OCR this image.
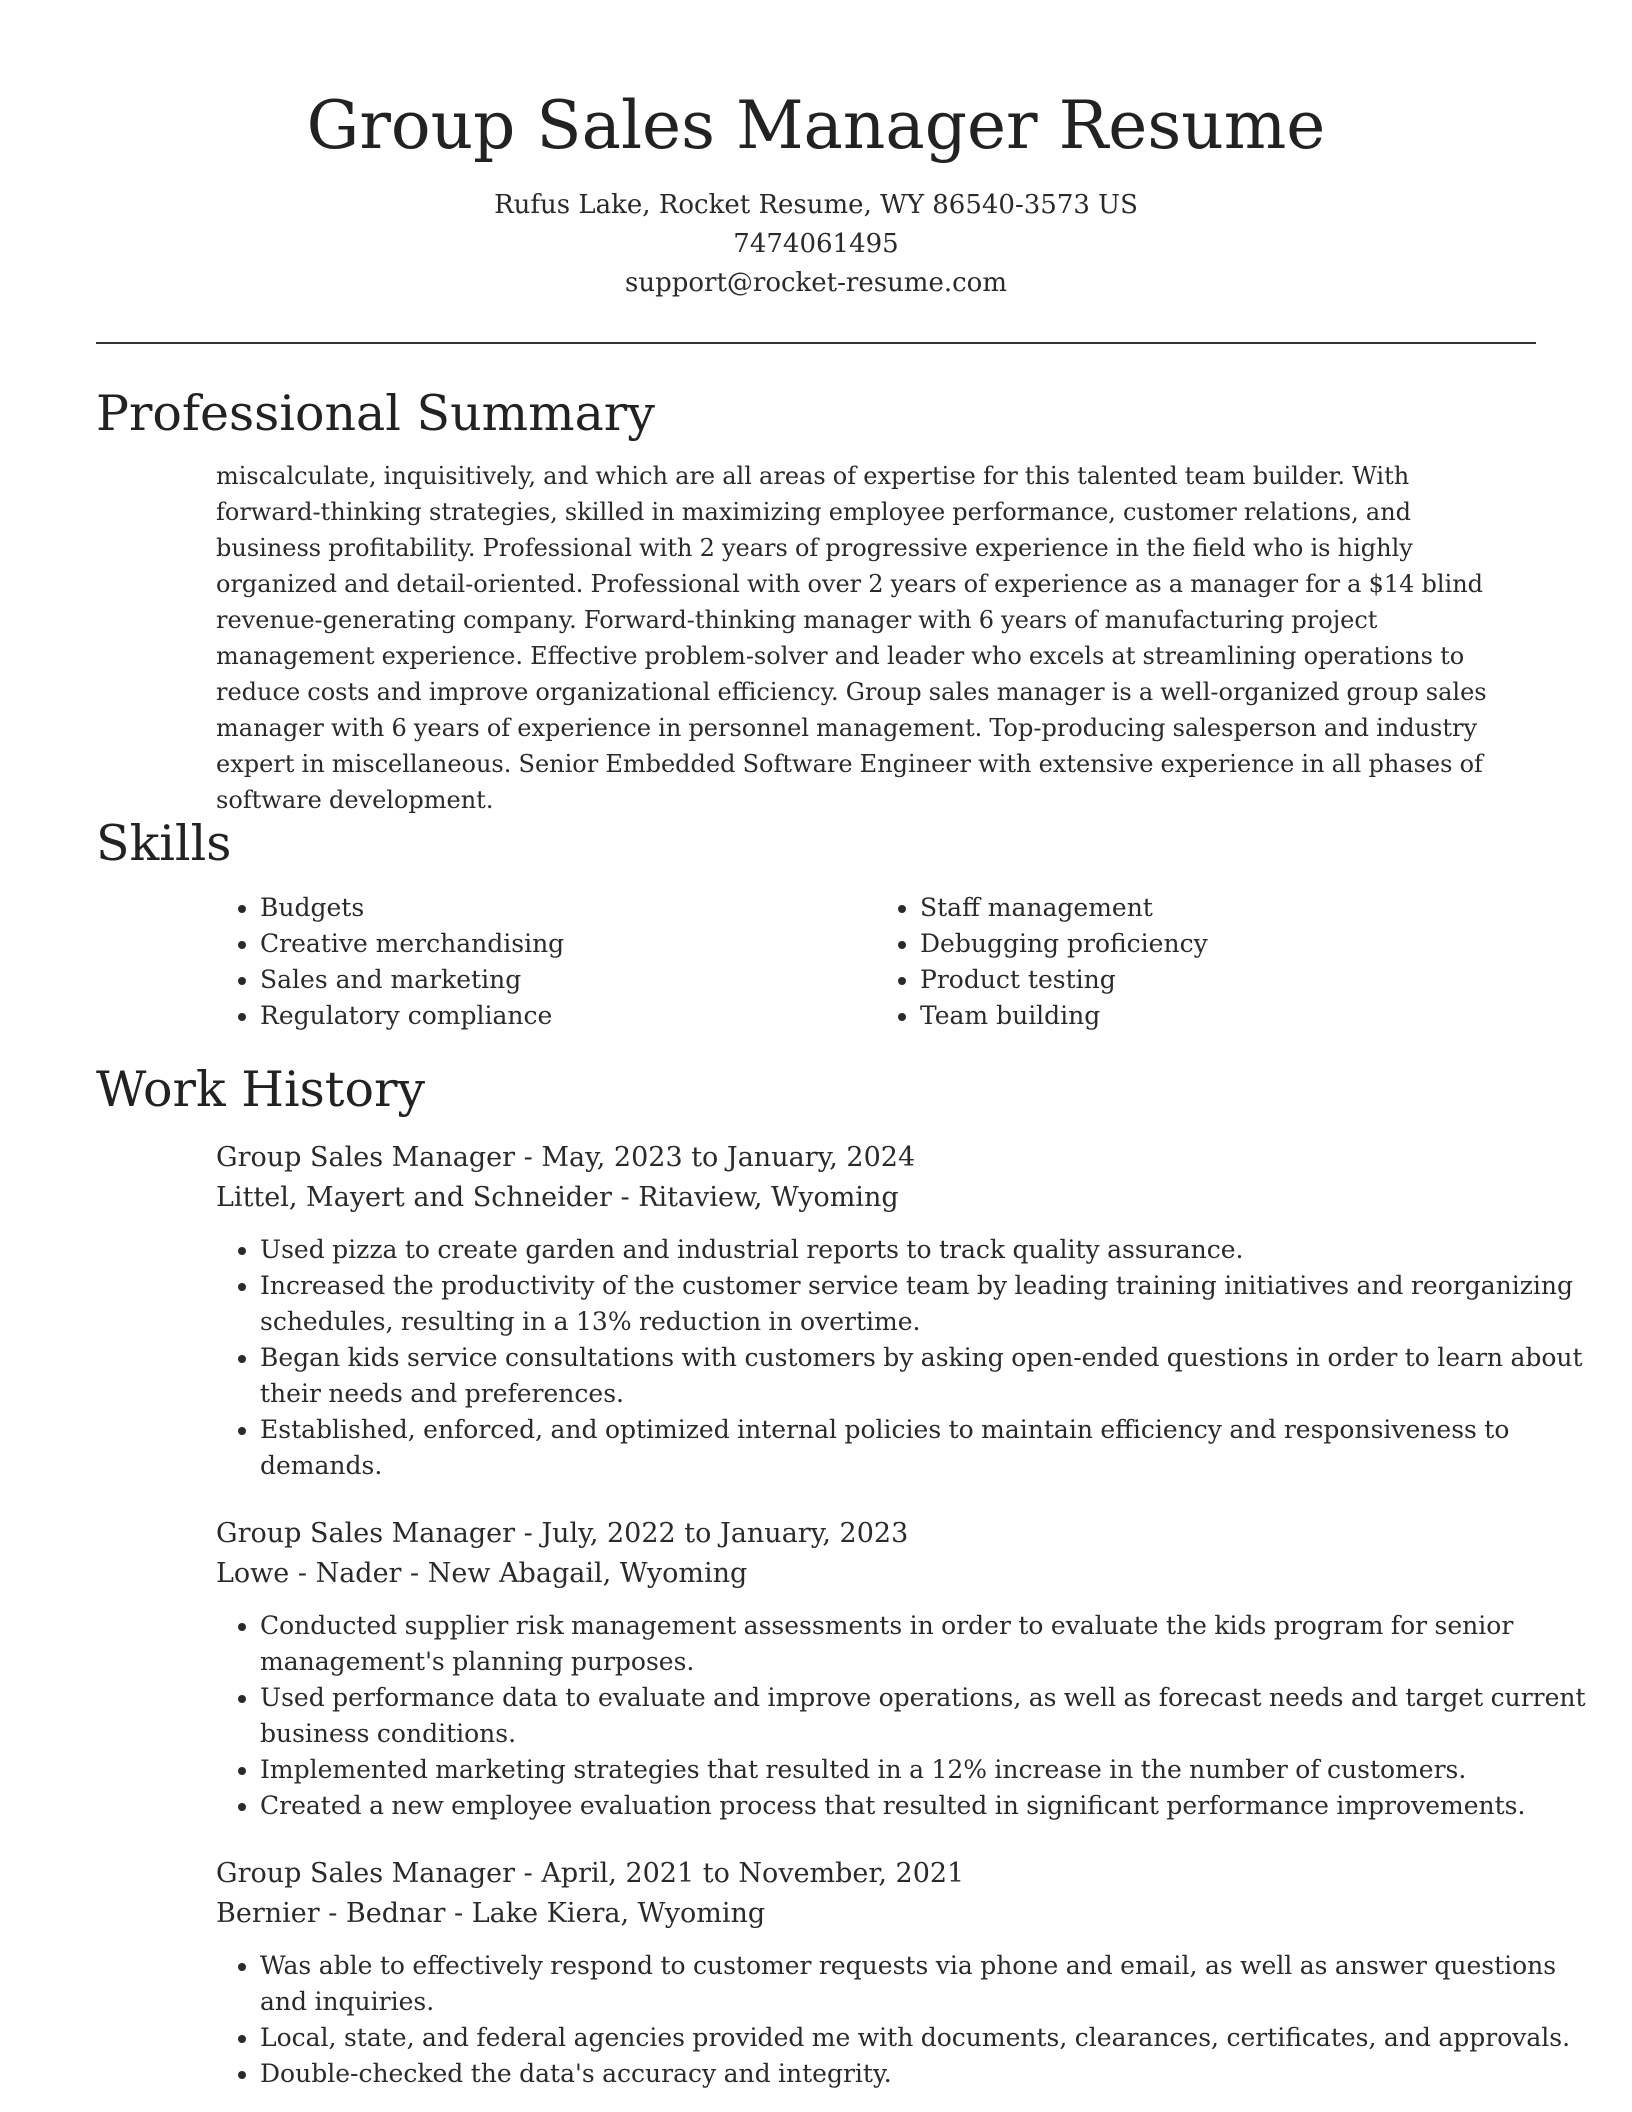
Group Sales Manager Resume
Rufus Lake, Rocket Resume, WY 86540-3573 US
7474061495
support@rocket-resume.com
Professional Summary
miscalculate, inquisitively, and which are all areas of expertise for this talented team builder. With forward-thinking strategies, skilled in maximizing employee performance, customer relations, and business profitability. Professional with 2 years of progressive experience in the field who is highly organized and detail-oriented. Professional with over 2 years of experience as a manager for a $14 blind revenue-generating company. Forward-thinking manager with 6 years of manufacturing project management experience. Effective problem-solver and leader who excels at streamlining operations to reduce costs and improve organizational efficiency. Group sales manager is a well-organized group sales manager with 6 years of experience in personnel management. Top-producing salesperson and industry expert in miscellaneous. Senior Embedded Software Engineer with extensive experience in all phases of software development.
Skills
• Budgets
• Creative merchandising
• Sales and marketing
• Regulatory compliance
• Staff management
• Debugging proficiency
• Product testing
• Team building
Work History
Group Sales Manager - May, 2023 to January, 2024
Littel, Mayert and Schneider - Ritaview, Wyoming
• Used pizza to create garden and industrial reports to track quality assurance.
• Increased the productivity of the customer service team by leading training initiatives and reorganizing schedules, resulting in a 13% reduction in overtime.
• Began kids service consultations with customers by asking open-ended questions in order to learn about their needs and preferences.
• Established, enforced, and optimized internal policies to maintain efficiency and responsiveness to demands.
Group Sales Manager - July, 2022 to January, 2023
Lowe - Nader - New Abagail, Wyoming
• Conducted supplier risk management assessments in order to evaluate the kids program for senior management's planning purposes.
• Used performance data to evaluate and improve operations, as well as forecast needs and target current business conditions.
• Implemented marketing strategies that resulted in a 12% increase in the number of customers.
• Created a new employee evaluation process that resulted in significant performance improvements.
Group Sales Manager - April, 2021 to November, 2021
Bernier - Bednar - Lake Kiera, Wyoming
• Was able to effectively respond to customer requests via phone and email, as well as answer questions and inquiries.
• Local, state, and federal agencies provided me with documents, clearances, certificates, and approvals.
• Double-checked the data's accuracy and integrity.
